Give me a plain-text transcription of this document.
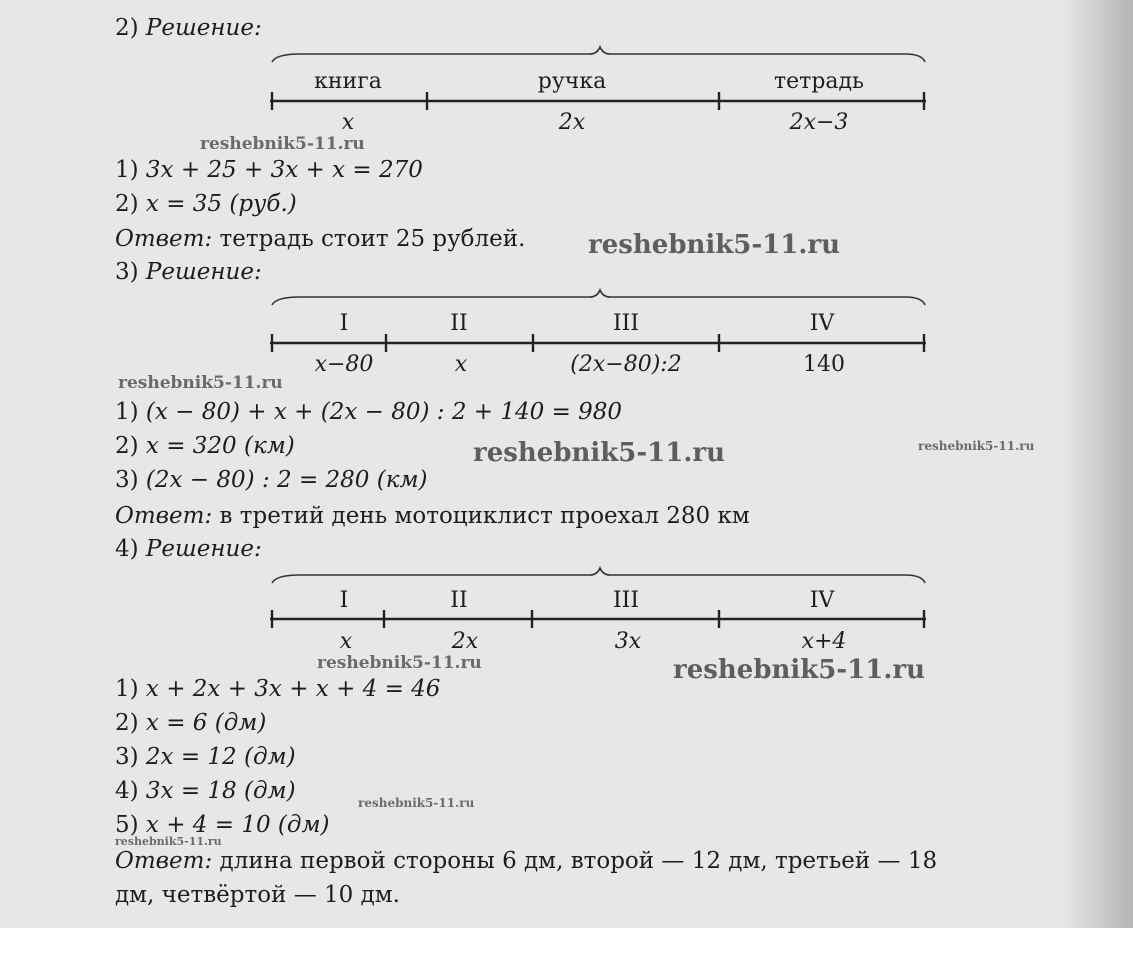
2) Решение:
книга	ручка	тетрадь
x	2x	2x−3
1) 3x + 25 + 3x + x = 270
2) x = 35 (руб.)
Ответ: тетрадь стоит 25 рублей.
3) Решение:
I	II	III	IV
x−80	x	(2x−80):2	140
1) (x − 80) + x + (2x − 80) : 2 + 140 = 980
2) x = 320 (км)
3) (2x − 80) : 2 = 280 (км)
Ответ: в третий день мотоциклист проехал 280 км
4) Решение:
I	II	III	IV
x	2x	3x	x+4
1) x + 2x + 3x + x + 4 = 46
2) x = 6 (дм)
3) 2x = 12 (дм)
4) 3x = 18 (дм)
5) x + 4 = 10 (дм)
Ответ: длина первой стороны 6 дм, второй — 12 дм, третьей — 18
дм, четвёртой — 10 дм.
reshebnik5-11.ru
reshebnik5-11.ru
reshebnik5-11.ru
reshebnik5-11.ru	reshebnik5-11.ru
reshebnik5-11.ru	reshebnik5-11.ru
reshebnik5-11.ru
reshebnik5-11.ru
